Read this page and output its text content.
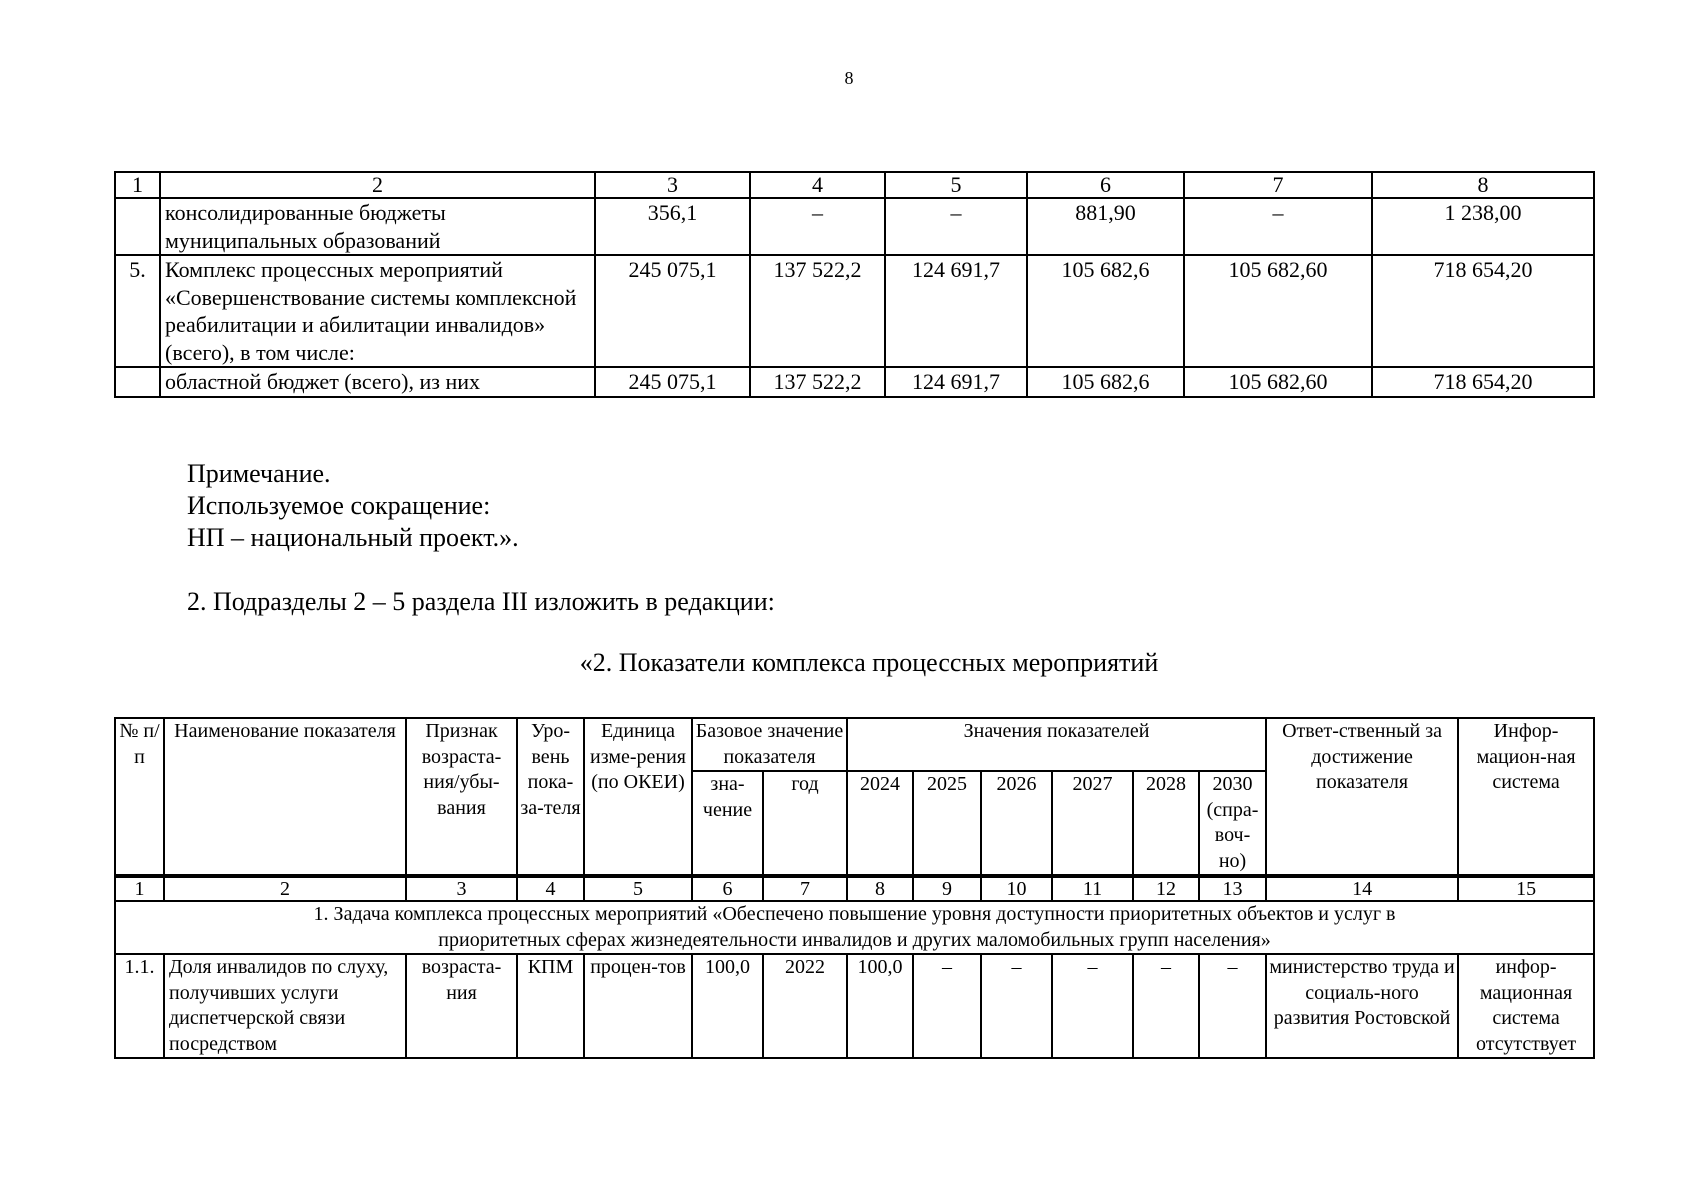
8
1	2	3	4	5	6	7	8
	консолидированные бюджеты муниципальных образований	356,1	–	–	881,90	–	1 238,00
5.	Комплекс процессных мероприятий «Совершенствование системы комплексной реабилитации и абилитации инвалидов» (всего), в том числе:	245 075,1	137 522,2	124 691,7	105 682,6	105 682,60	718 654,20
	областной бюджет (всего), из них	245 075,1	137 522,2	124 691,7	105 682,6	105 682,60	718 654,20
Примечание.
Используемое сокращение:
НП – национальный проект.».
2. Подразделы 2 – 5 раздела III изложить в редакции:
«2. Показатели комплекса процессных мероприятий
№ п/п	Наименование показателя	Признак возраста-ния/убы-вания	Уро-вень пока-за-теля	Единица изме-рения (по ОКЕИ)	Базовое значение показателя		Значения показателей						Ответ-ственный за достижение показателя	Инфор-мацион-ная система
					зна-чение	год	2024	2025	2026	2027	2028	2030 (спра-воч-но)		
1	2	3	4	5	6	7	8	9	10	11	12	13	14	15
1. Задача комплекса процессных мероприятий «Обеспечено повышение уровня доступности приоритетных объектов и услуг в приоритетных сферах жизнедеятельности инвалидов и других маломобильных групп населения»														
1.1.	Доля инвалидов по слуху, получивших услуги диспетчерской связи посредством	возраста-ния	КПМ	процен-тов	100,0	2022	100,0	–	–	–	–	–	министерство труда и социаль-ного развития Ростовской	инфор-мационная система отсутствует
